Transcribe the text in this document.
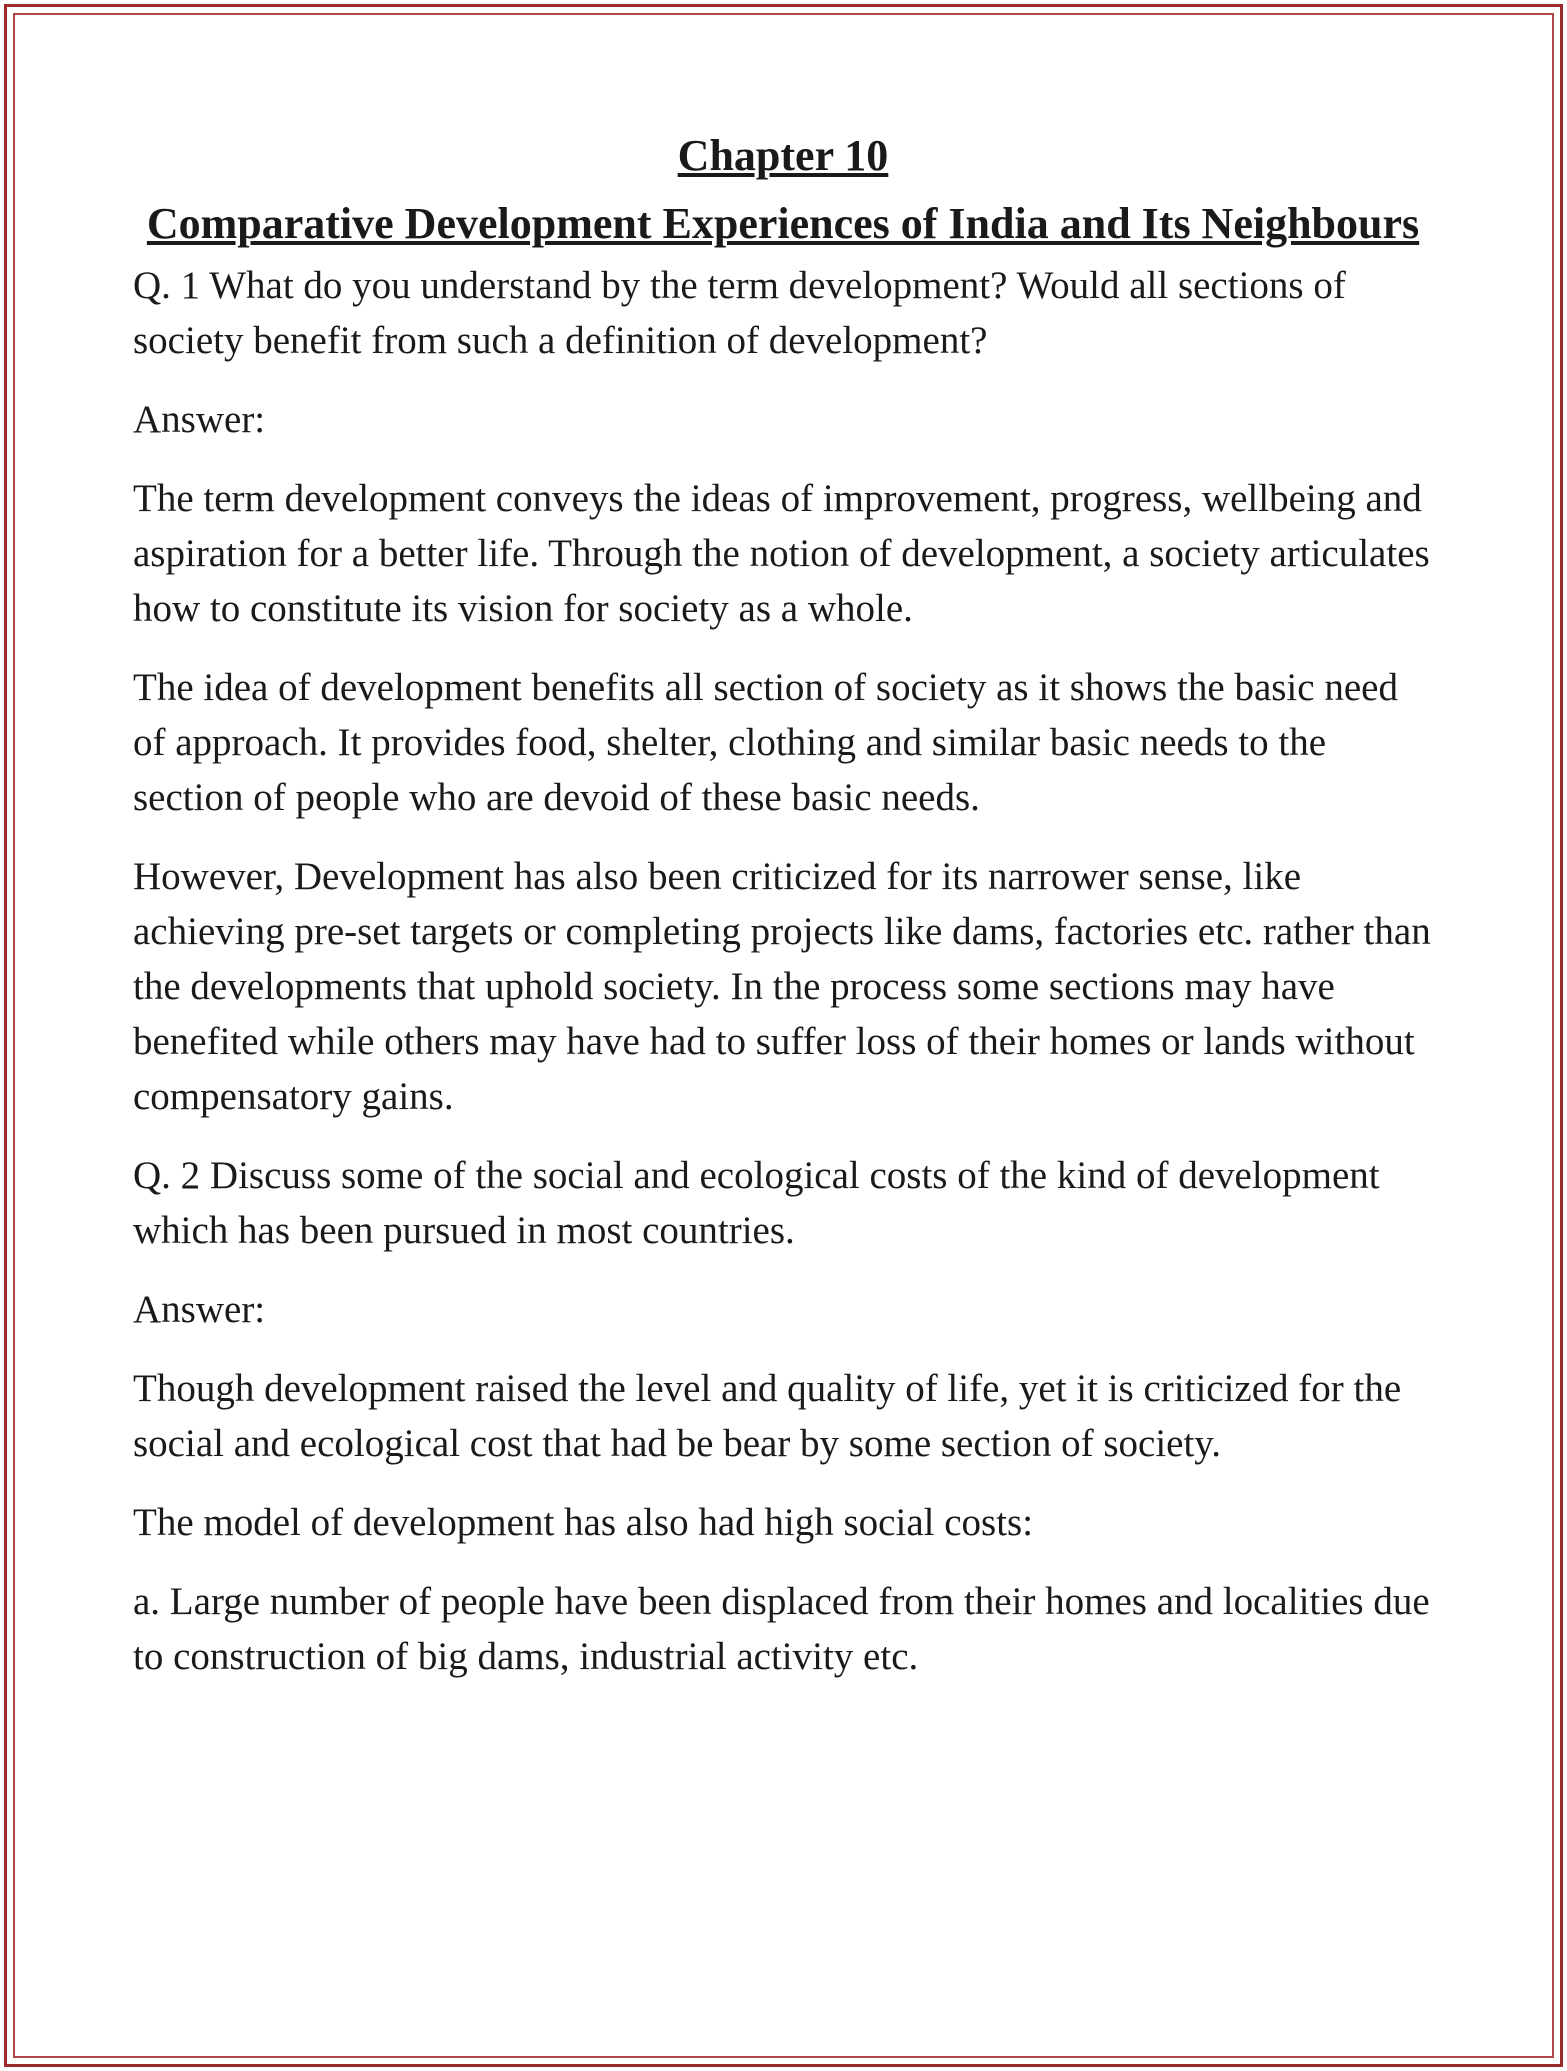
Chapter 10
Comparative Development Experiences of India and Its Neighbours

Q. 1 What do you understand by the term development? Would all sections of society benefit from such a definition of development?

Answer:

The term development conveys the ideas of improvement, progress, wellbeing and aspiration for a better life. Through the notion of development, a society articulates how to constitute its vision for society as a whole.

The idea of development benefits all section of society as it shows the basic need of approach. It provides food, shelter, clothing and similar basic needs to the section of people who are devoid of these basic needs.

However, Development has also been criticized for its narrower sense, like achieving pre-set targets or completing projects like dams, factories etc. rather than the developments that uphold society. In the process some sections may have benefited while others may have had to suffer loss of their homes or lands without compensatory gains.

Q. 2 Discuss some of the social and ecological costs of the kind of development which has been pursued in most countries.

Answer:

Though development raised the level and quality of life, yet it is criticized for the social and ecological cost that had be bear by some section of society.

The model of development has also had high social costs:

a. Large number of people have been displaced from their homes and localities due to construction of big dams, industrial activity etc.
